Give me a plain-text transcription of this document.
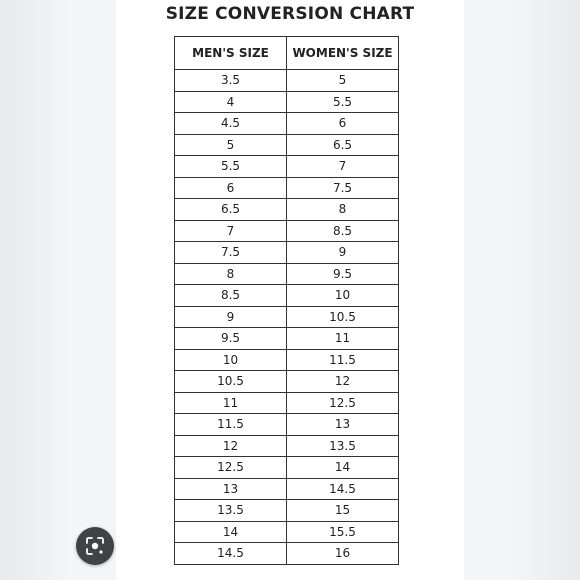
SIZE CONVERSION CHART
MEN'S SIZE	WOMEN'S SIZE
3.5	5
4	5.5
4.5	6
5	6.5
5.5	7
6	7.5
6.5	8
7	8.5
7.5	9
8	9.5
8.5	10
9	10.5
9.5	11
10	11.5
10.5	12
11	12.5
11.5	13
12	13.5
12.5	14
13	14.5
13.5	15
14	15.5
14.5	16
